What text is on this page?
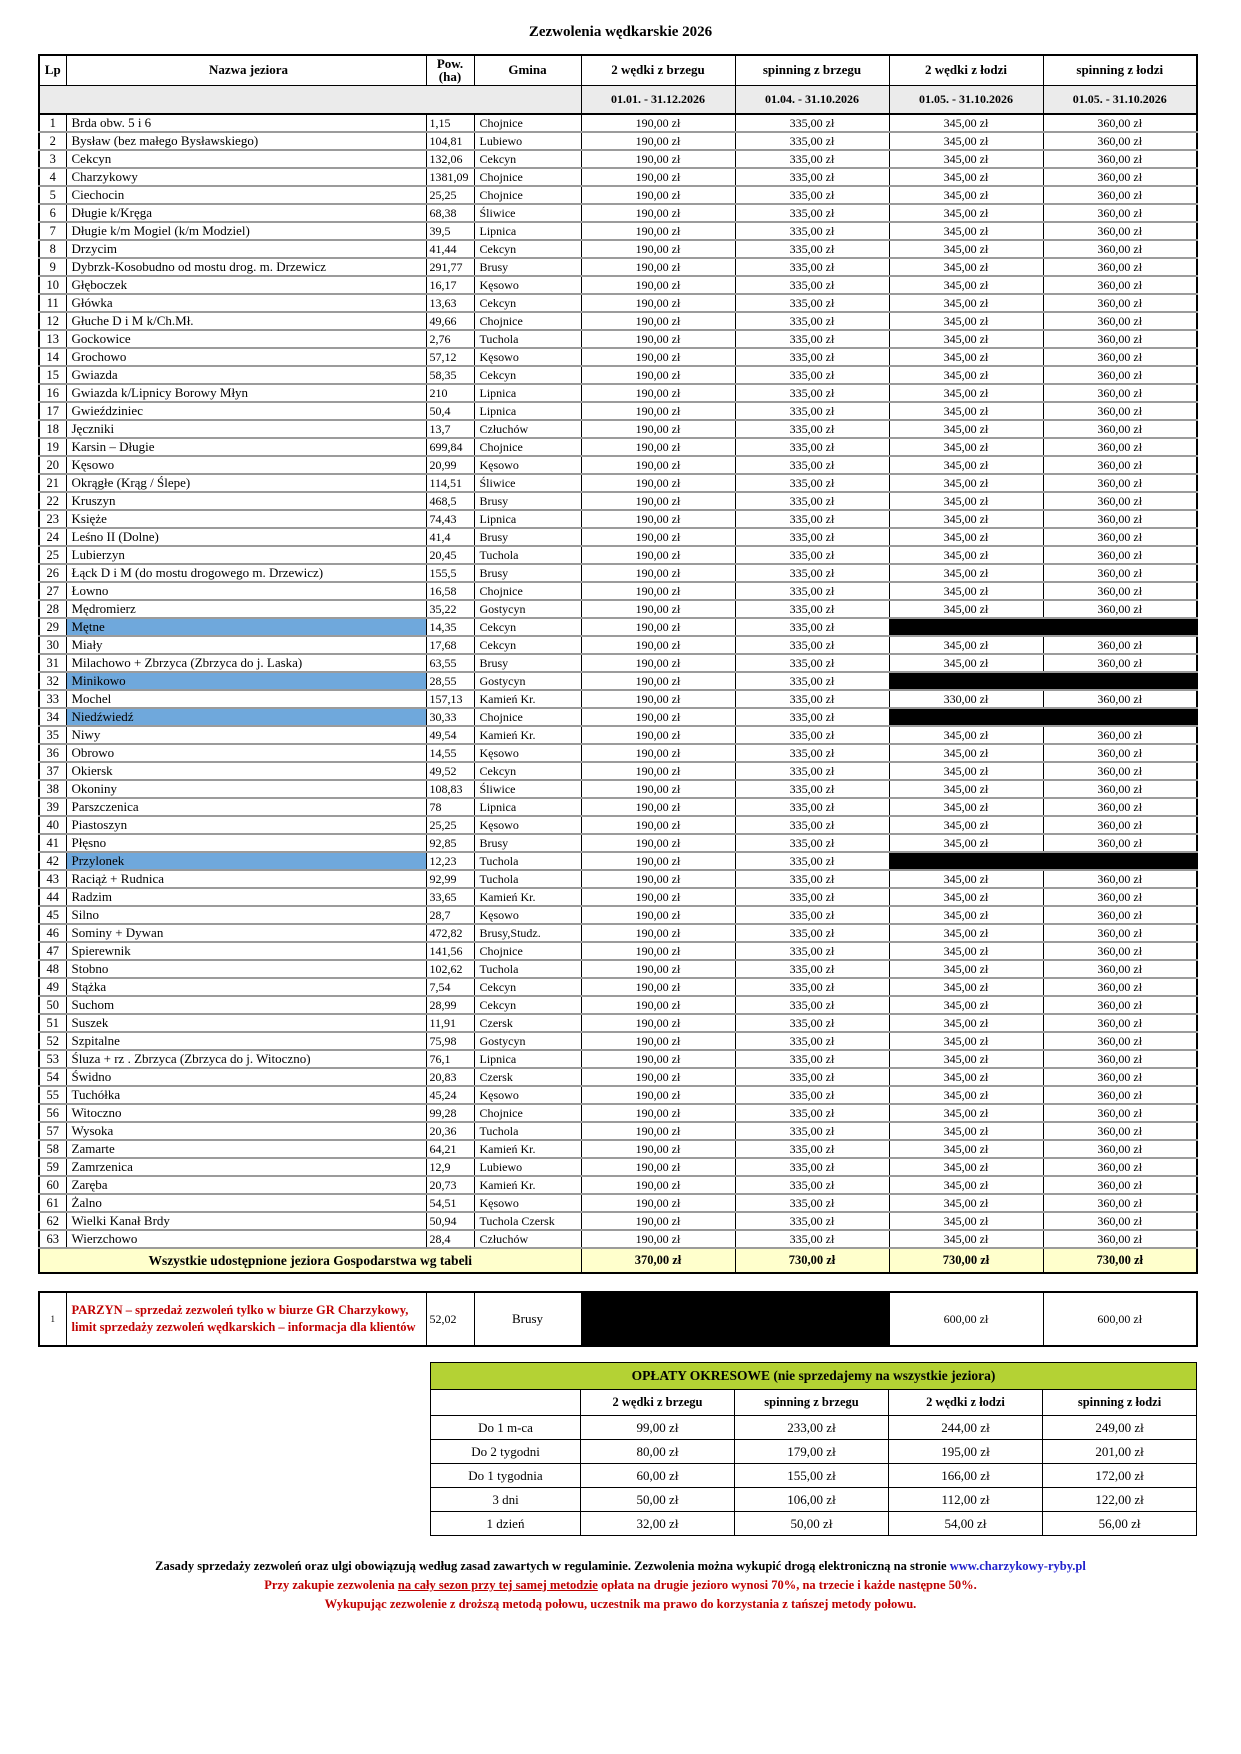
Zezwolenia wędkarskie 2026
Lp	Nazwa jeziora	Pow.
(ha)	Gmina	2 wędki z brzegu	spinning z brzegu	2 wędki z łodzi	spinning z łodzi
				01.01. - 31.12.2026	01.04. - 31.10.2026	01.05. - 31.10.2026	01.05. - 31.10.2026
1	Brda obw. 5 i 6	1,15	Chojnice	190,00 zł	335,00 zł	345,00 zł	360,00 zł
2	Bysław (bez małego Bysławskiego)	104,81	Lubiewo	190,00 zł	335,00 zł	345,00 zł	360,00 zł
3	Cekcyn	132,06	Cekcyn	190,00 zł	335,00 zł	345,00 zł	360,00 zł
4	Charzykowy	1381,09	Chojnice	190,00 zł	335,00 zł	345,00 zł	360,00 zł
5	Ciechocin	25,25	Chojnice	190,00 zł	335,00 zł	345,00 zł	360,00 zł
6	Długie k/Kręga	68,38	Śliwice	190,00 zł	335,00 zł	345,00 zł	360,00 zł
7	Długie k/m Mogiel (k/m Modziel)	39,5	Lipnica	190,00 zł	335,00 zł	345,00 zł	360,00 zł
8	Drzycim	41,44	Cekcyn	190,00 zł	335,00 zł	345,00 zł	360,00 zł
9	Dybrzk-Kosobudno od mostu drog. m. Drzewicz	291,77	Brusy	190,00 zł	335,00 zł	345,00 zł	360,00 zł
10	Głęboczek	16,17	Kęsowo	190,00 zł	335,00 zł	345,00 zł	360,00 zł
11	Główka	13,63	Cekcyn	190,00 zł	335,00 zł	345,00 zł	360,00 zł
12	Głuche D i M k/Ch.Mł.	49,66	Chojnice	190,00 zł	335,00 zł	345,00 zł	360,00 zł
13	Gockowice	2,76	Tuchola	190,00 zł	335,00 zł	345,00 zł	360,00 zł
14	Grochowo	57,12	Kęsowo	190,00 zł	335,00 zł	345,00 zł	360,00 zł
15	Gwiazda	58,35	Cekcyn	190,00 zł	335,00 zł	345,00 zł	360,00 zł
16	Gwiazda k/Lipnicy Borowy Młyn	210	Lipnica	190,00 zł	335,00 zł	345,00 zł	360,00 zł
17	Gwieździniec	50,4	Lipnica	190,00 zł	335,00 zł	345,00 zł	360,00 zł
18	Jęczniki	13,7	Człuchów	190,00 zł	335,00 zł	345,00 zł	360,00 zł
19	Karsin – Długie	699,84	Chojnice	190,00 zł	335,00 zł	345,00 zł	360,00 zł
20	Kęsowo	20,99	Kęsowo	190,00 zł	335,00 zł	345,00 zł	360,00 zł
21	Okrągłe (Krąg / Ślepe)	114,51	Śliwice	190,00 zł	335,00 zł	345,00 zł	360,00 zł
22	Kruszyn	468,5	Brusy	190,00 zł	335,00 zł	345,00 zł	360,00 zł
23	Księże	74,43	Lipnica	190,00 zł	335,00 zł	345,00 zł	360,00 zł
24	Leśno II (Dolne)	41,4	Brusy	190,00 zł	335,00 zł	345,00 zł	360,00 zł
25	Lubierzyn	20,45	Tuchola	190,00 zł	335,00 zł	345,00 zł	360,00 zł
26	Łąck D i M (do mostu drogowego m. Drzewicz)	155,5	Brusy	190,00 zł	335,00 zł	345,00 zł	360,00 zł
27	Łowno	16,58	Chojnice	190,00 zł	335,00 zł	345,00 zł	360,00 zł
28	Mędromierz	35,22	Gostycyn	190,00 zł	335,00 zł	345,00 zł	360,00 zł
29	Mętne	14,35	Cekcyn	190,00 zł	335,00 zł		
30	Miały	17,68	Cekcyn	190,00 zł	335,00 zł	345,00 zł	360,00 zł
31	Milachowo + Zbrzyca (Zbrzyca do j. Laska)	63,55	Brusy	190,00 zł	335,00 zł	345,00 zł	360,00 zł
32	Minikowo	28,55	Gostycyn	190,00 zł	335,00 zł		
33	Mochel	157,13	Kamień Kr.	190,00 zł	335,00 zł	330,00 zł	360,00 zł
34	Niedźwiedź	30,33	Chojnice	190,00 zł	335,00 zł		
35	Niwy	49,54	Kamień Kr.	190,00 zł	335,00 zł	345,00 zł	360,00 zł
36	Obrowo	14,55	Kęsowo	190,00 zł	335,00 zł	345,00 zł	360,00 zł
37	Okiersk	49,52	Cekcyn	190,00 zł	335,00 zł	345,00 zł	360,00 zł
38	Okoniny	108,83	Śliwice	190,00 zł	335,00 zł	345,00 zł	360,00 zł
39	Parszczenica	78	Lipnica	190,00 zł	335,00 zł	345,00 zł	360,00 zł
40	Piastoszyn	25,25	Kęsowo	190,00 zł	335,00 zł	345,00 zł	360,00 zł
41	Płęsno	92,85	Brusy	190,00 zł	335,00 zł	345,00 zł	360,00 zł
42	Przylonek	12,23	Tuchola	190,00 zł	335,00 zł		
43	Raciąż + Rudnica	92,99	Tuchola	190,00 zł	335,00 zł	345,00 zł	360,00 zł
44	Radzim	33,65	Kamień Kr.	190,00 zł	335,00 zł	345,00 zł	360,00 zł
45	Silno	28,7	Kęsowo	190,00 zł	335,00 zł	345,00 zł	360,00 zł
46	Sominy + Dywan	472,82	Brusy,Studz.	190,00 zł	335,00 zł	345,00 zł	360,00 zł
47	Spierewnik	141,56	Chojnice	190,00 zł	335,00 zł	345,00 zł	360,00 zł
48	Stobno	102,62	Tuchola	190,00 zł	335,00 zł	345,00 zł	360,00 zł
49	Stążka	7,54	Cekcyn	190,00 zł	335,00 zł	345,00 zł	360,00 zł
50	Suchom	28,99	Cekcyn	190,00 zł	335,00 zł	345,00 zł	360,00 zł
51	Suszek	11,91	Czersk	190,00 zł	335,00 zł	345,00 zł	360,00 zł
52	Szpitalne	75,98	Gostycyn	190,00 zł	335,00 zł	345,00 zł	360,00 zł
53	Śluza + rz . Zbrzyca (Zbrzyca do j. Witoczno)	76,1	Lipnica	190,00 zł	335,00 zł	345,00 zł	360,00 zł
54	Świdno	20,83	Czersk	190,00 zł	335,00 zł	345,00 zł	360,00 zł
55	Tuchółka	45,24	Kęsowo	190,00 zł	335,00 zł	345,00 zł	360,00 zł
56	Witoczno	99,28	Chojnice	190,00 zł	335,00 zł	345,00 zł	360,00 zł
57	Wysoka	20,36	Tuchola	190,00 zł	335,00 zł	345,00 zł	360,00 zł
58	Zamarte	64,21	Kamień Kr.	190,00 zł	335,00 zł	345,00 zł	360,00 zł
59	Zamrzenica	12,9	Lubiewo	190,00 zł	335,00 zł	345,00 zł	360,00 zł
60	Zaręba	20,73	Kamień Kr.	190,00 zł	335,00 zł	345,00 zł	360,00 zł
61	Żalno	54,51	Kęsowo	190,00 zł	335,00 zł	345,00 zł	360,00 zł
62	Wielki Kanał Brdy	50,94	Tuchola Czersk	190,00 zł	335,00 zł	345,00 zł	360,00 zł
63	Wierzchowo	28,4	Człuchów	190,00 zł	335,00 zł	345,00 zł	360,00 zł
Wszystkie udostępnione jeziora Gospodarstwa wg tabeli				370,00 zł	730,00 zł	730,00 zł	730,00 zł
1	PARZYN – sprzedaż zezwoleń tylko w biurze GR Charzykowy,
limit sprzedaży zezwoleń wędkarskich – informacja dla klientów	52,02	Brusy		600,00 zł	600,00 zł
OPŁATY OKRESOWE (nie sprzedajemy na wszystkie jeziora)				
	2 wędki z brzegu	spinning z brzegu	2 wędki z łodzi	spinning z łodzi
Do 1 m-ca	99,00 zł	233,00 zł	244,00 zł	249,00 zł
Do 2 tygodni	80,00 zł	179,00 zł	195,00 zł	201,00 zł
Do 1 tygodnia	60,00 zł	155,00 zł	166,00 zł	172,00 zł
3 dni	50,00 zł	106,00 zł	112,00 zł	122,00 zł
1 dzień	32,00 zł	50,00 zł	54,00 zł	56,00 zł

Zasady sprzedaży zezwoleń oraz ulgi obowiązują według zasad zawartych w regulaminie. Zezwolenia można wykupić drogą elektroniczną na stronie www.charzykowy-ryby.pl

Przy zakupie zezwolenia na cały sezon przy tej samej metodzie opłata na drugie jezioro wynosi 70%, na trzecie i każde następne 50%.

Wykupując zezwolenie z droższą metodą połowu, uczestnik ma prawo do korzystania z tańszej metody połowu.
